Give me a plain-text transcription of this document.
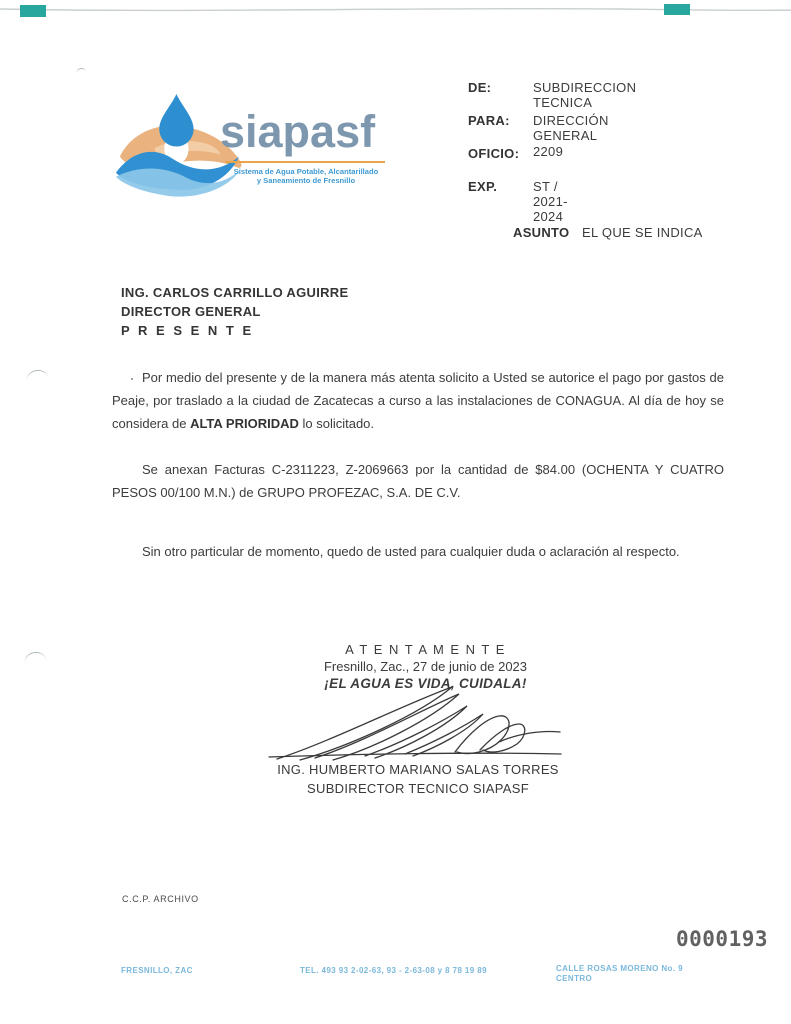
siapasf
Sistema de Agua Potable, Alcantarillado
y Saneamiento de Fresnillo
DE:	SUBDIRECCION TECNICA
PARA: DIRECCIÓN GENERAL
OFICIO: 2209
EXP.	ST / 2021-2024
ASUNTO EL QUE SE INDICA
ING. CARLOS CARRILLO AGUIRRE
DIRECTOR GENERAL
P R E S E N T E

Por medio del presente y de la manera más atenta solicito a Usted se autorice el pago por gastos de Peaje, por traslado a la ciudad de Zacatecas a curso a las instalaciones de CONAGUA. Al día de hoy se considera de ALTA PRIORIDAD lo solicitado.

Se anexan Facturas C-2311223, Z-2069663 por la cantidad de $84.00 (OCHENTA Y CUATRO PESOS 00/100 M.N.) de GRUPO PROFEZAC, S.A. DE C.V.

Sin otro particular de momento, quedo de usted para cualquier duda o aclaración al respecto.

A T E N T A M E N T E
Fresnillo, Zac., 27 de junio de 2023
¡EL AGUA ES VIDA, CUIDALA!
ING. HUMBERTO MARIANO SALAS TORRES
SUBDIRECTOR TECNICO SIAPASF
C.C.P. ARCHIVO
0000193
FRESNILLO, ZAC	TEL. 493 93 2-02-63, 93 - 2-63-08 y 8 78 19 89	CALLE ROSAS MORENO No. 9
CENTRO
